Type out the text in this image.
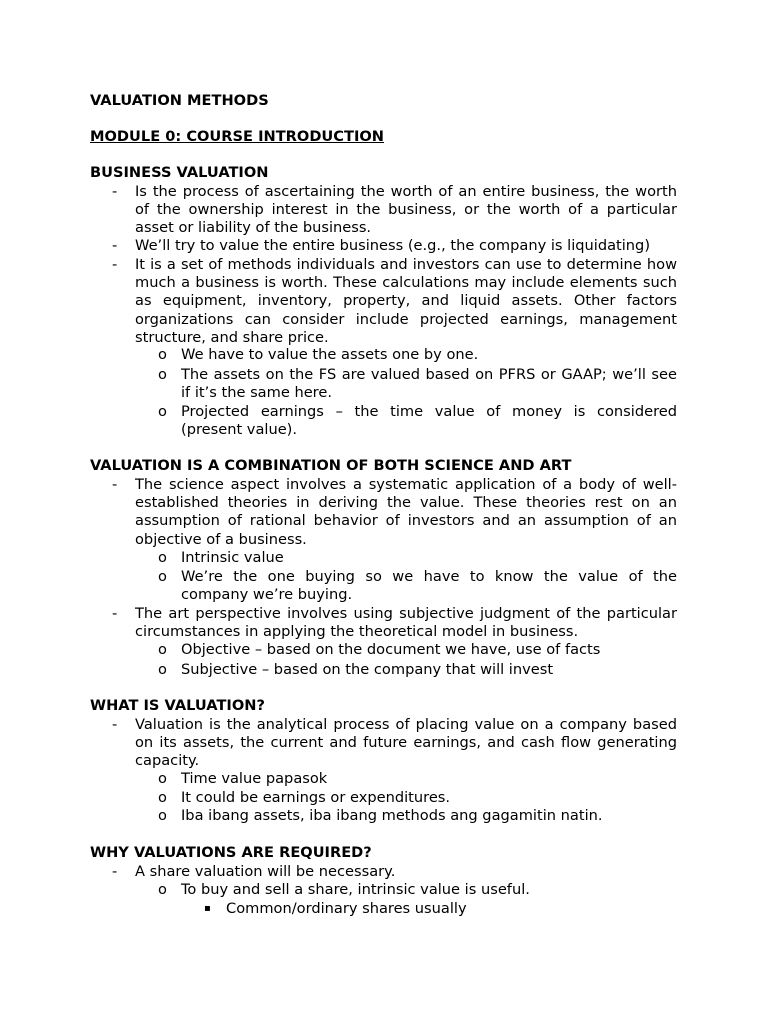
VALUATION METHODS
MODULE 0: COURSE INTRODUCTION
BUSINESS VALUATION
- Is the process of ascertaining the worth of an entire business, the worth of the ownership interest in the business, or the worth of a particular asset or liability of the business.
- We’ll try to value the entire business (e.g., the company is liquidating)
- It is a set of methods individuals and investors can use to determine how much a business is worth. These calculations may include elements such as equipment, inventory, property, and liquid assets. Other factors organizations can consider include projected earnings, management structure, and share price.
o We have to value the assets one by one.
o The assets on the FS are valued based on PFRS or GAAP; we’ll see if it’s the same here.
o Projected earnings – the time value of money is considered (present value).
VALUATION IS A COMBINATION OF BOTH SCIENCE AND ART
- The science aspect involves a systematic application of a body of well-established theories in deriving the value. These theories rest on an assumption of rational behavior of investors and an assumption of an objective of a business.
o Intrinsic value
o We’re the one buying so we have to know the value of the company we’re buying.
- The art perspective involves using subjective judgment of the particular circumstances in applying the theoretical model in business.
o Objective – based on the document we have, use of facts
o Subjective – based on the company that will invest
WHAT IS VALUATION?
- Valuation is the analytical process of placing value on a company based on its assets, the current and future earnings, and cash flow generating capacity.
o Time value papasok
o It could be earnings or expenditures.
o Iba ibang assets, iba ibang methods ang gagamitin natin.
WHY VALUATIONS ARE REQUIRED?
- A share valuation will be necessary.
o To buy and sell a share, intrinsic value is useful.
▪ Common/ordinary shares usually
